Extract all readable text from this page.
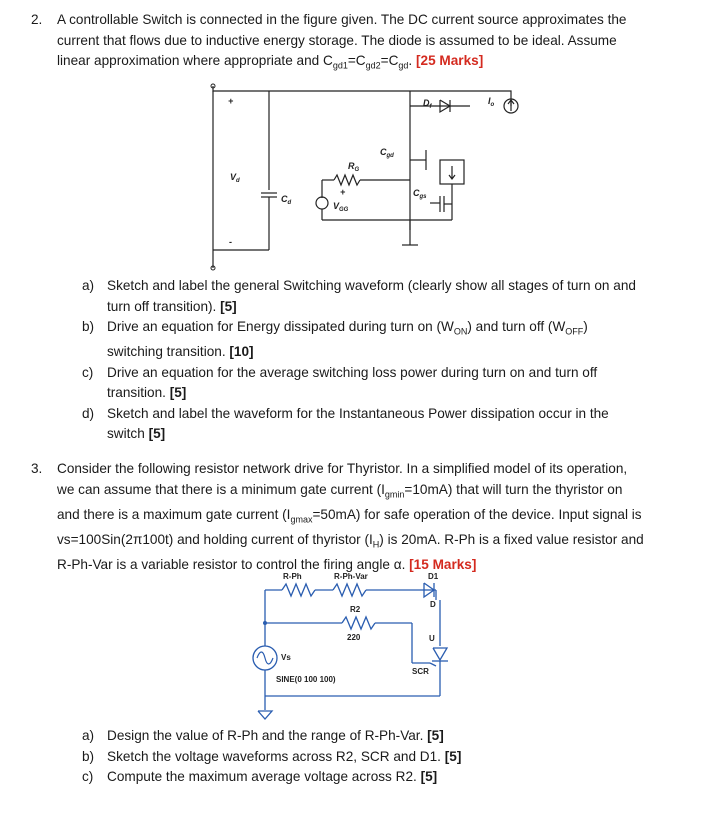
2. A controllable Switch is connected in the figure given. The DC current source approximates the
current that flows due to inductive energy storage. The diode is assumed to be ideal. Assume
linear approximation where appropriate and $C_{gd1}=C_{gd2}=C_{gd}$. [25 Marks]
+
$V_d$
-
$C_d$
$R_G$
+
$V_{GG}$
$C_{gd}$
$C_{gs}$
$D_f$
$I_o$
a) Sketch and label the general Switching waveform (clearly show all stages of turn on and
turn off transition). [5]
b) Drive an equation for Energy dissipated during turn on $(W_{ON})$ and turn off $(W_{OFF})$
switching transition. [10]
c) Drive an equation for the average switching loss power during turn on and turn off
transition. [5]
d) Sketch and label the waveform for the Instantaneous Power dissipation occur in the
switch [5]
3. Consider the following resistor network drive for Thyristor. In a simplified model of its operation,
we can assume that there is a minimum gate current $(I_{gmin}=10mA)$ that will turn the thyristor on
and there is a maximum gate current $(I_{gmax}=50mA)$ for safe operation of the device. Input signal is
vs=100Sin(2π100t) and holding current of thyristor $(I_H)$ is 20mA. R-Ph is a fixed value resistor and
R-Ph-Var is a variable resistor to control the firing angle α. [15 Marks]
R-Ph	R-Ph-Var	D1
D
R2
220	U
Vs
SCR
SINE(0 100 100)
a) Design the value of R-Ph and the range of R-Ph-Var. [5]
b) Sketch the voltage waveforms across R2, SCR and D1. [5]
c) Compute the maximum average voltage across R2. [5]
